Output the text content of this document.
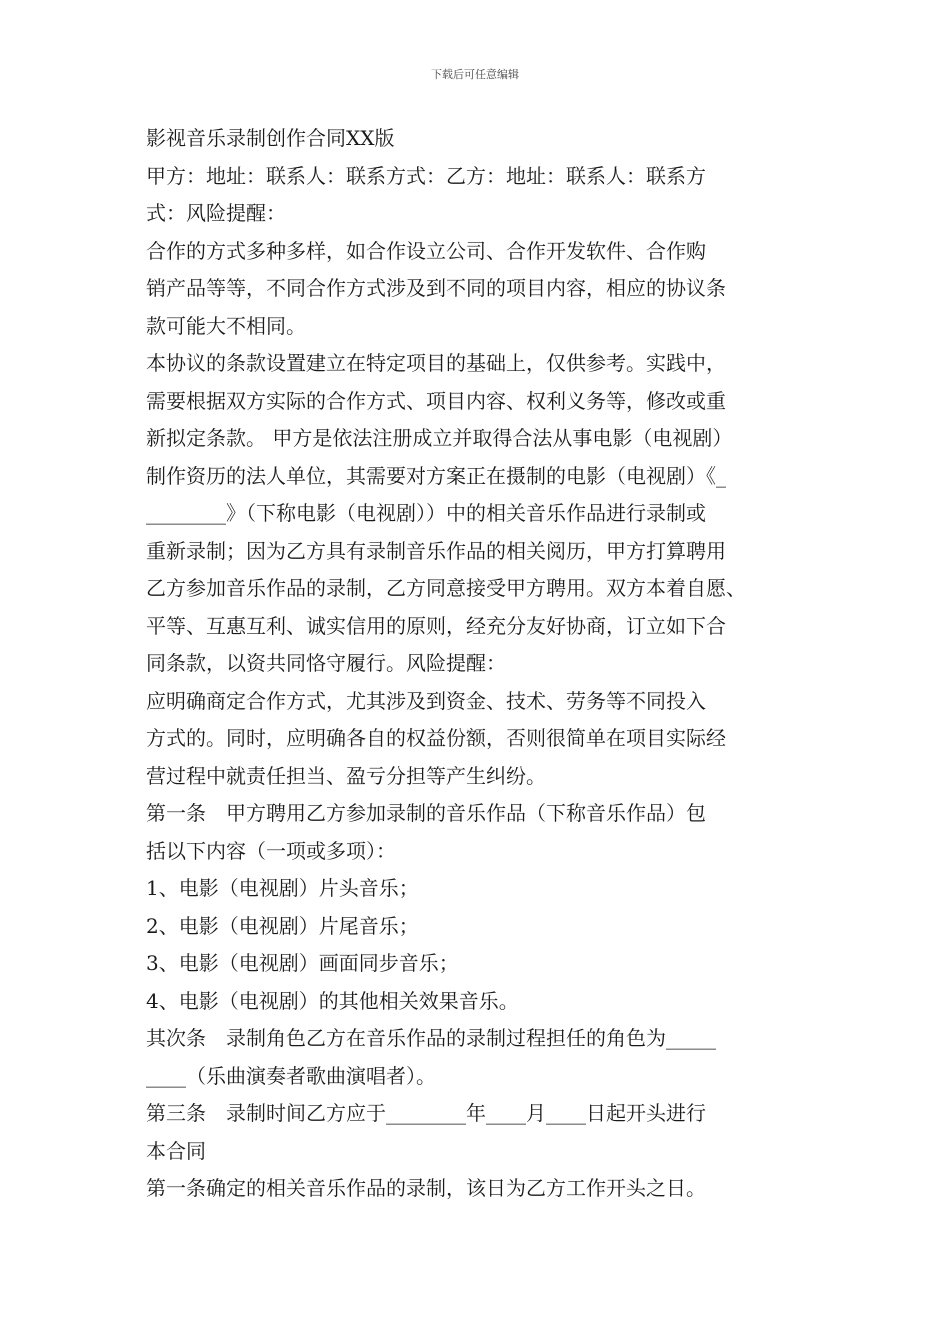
下载后可任意编辑

影视音乐录制创作合同XX版

甲方：地址：联系人：联系方式：乙方：地址：联系人：联系方

式：风险提醒：

合作的方式多种多样，如合作设立公司、合作开发软件、合作购

销产品等等，不同合作方式涉及到不同的项目内容，相应的协议条

款可能大不相同。

本协议的条款设置建立在特定项目的基础上，仅供参考。实践中，

需要根据双方实际的合作方式、项目内容、权利义务等，修改或重

新拟定条款。 甲方是依法注册成立并取得合法从事电影（电视剧）

制作资历的法人单位，其需要对方案正在摄制的电影（电视剧）《_

________》（下称电影（电视剧））中的相关音乐作品进行录制或

重新录制；因为乙方具有录制音乐作品的相关阅历，甲方打算聘用

乙方参加音乐作品的录制，乙方同意接受甲方聘用。双方本着自愿、

平等、互惠互利、诚实信用的原则，经充分友好协商，订立如下合

同条款，以资共同恪守履行。风险提醒：

应明确商定合作方式，尤其涉及到资金、技术、劳务等不同投入

方式的。同时，应明确各自的权益份额，否则很简单在项目实际经

营过程中就责任担当、盈亏分担等产生纠纷。

第一条　甲方聘用乙方参加录制的音乐作品（下称音乐作品）包

括以下内容（一项或多项）：

1、电影（电视剧）片头音乐；

2、电影（电视剧）片尾音乐；

3、电影（电视剧）画面同步音乐；

4、电影（电视剧）的其他相关效果音乐。

其次条　录制角色乙方在音乐作品的录制过程担任的角色为_____

____（乐曲演奏者歌曲演唱者）。

第三条　录制时间乙方应于________年____月____日起开头进行

本合同

第一条确定的相关音乐作品的录制，该日为乙方工作开头之日。
